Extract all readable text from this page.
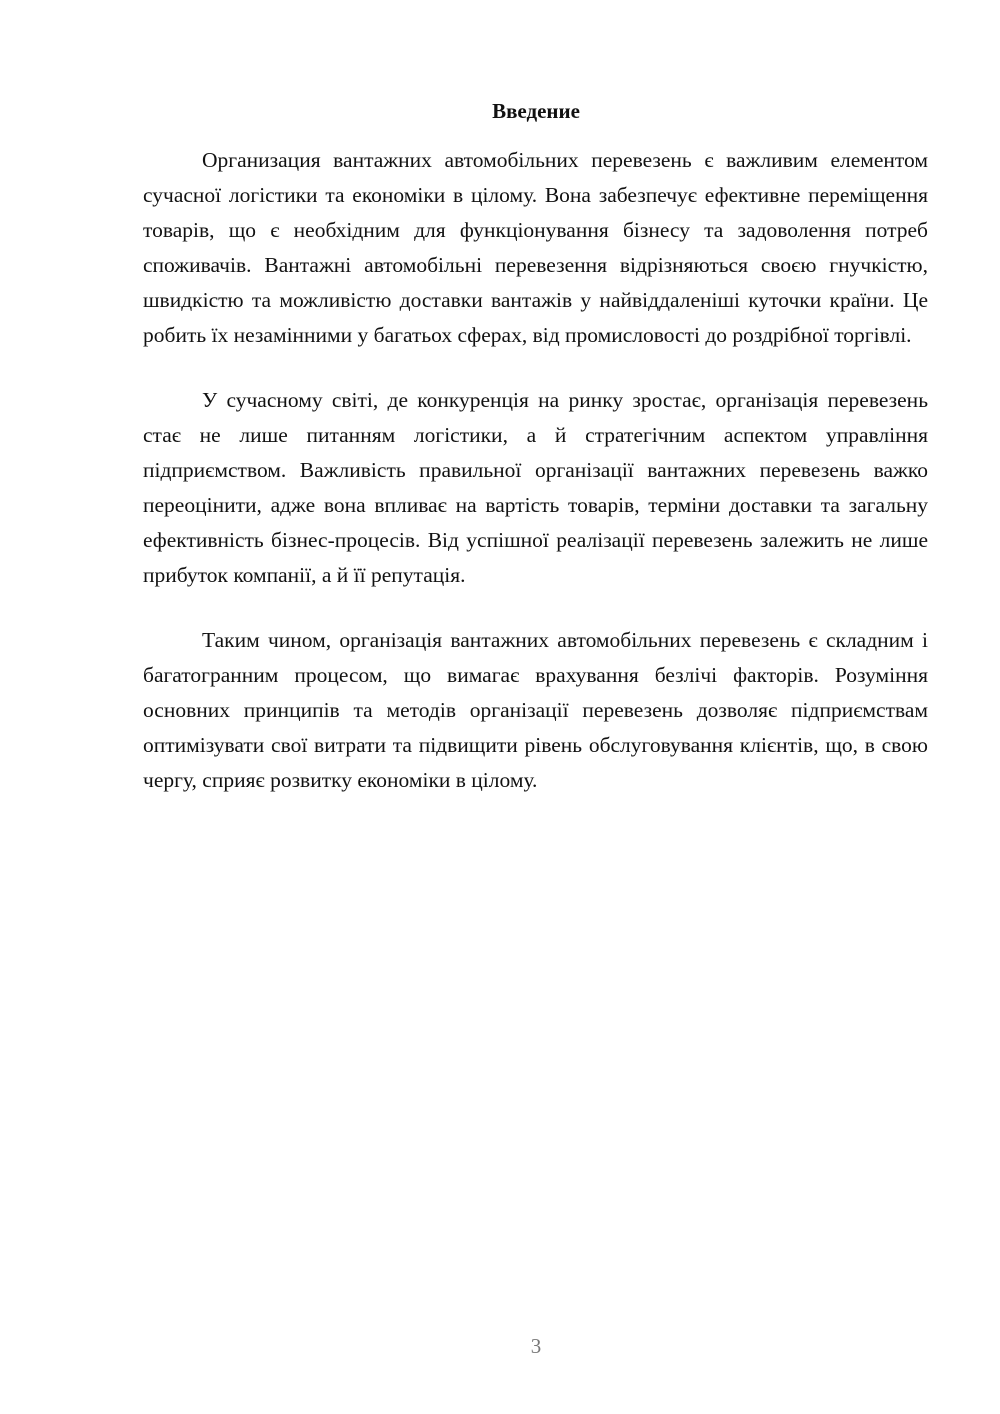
Введение

Организация вантажних автомобільних перевезень є важливим елементом сучасної логістики та економіки в цілому. Вона забезпечує ефективне переміщення товарів, що є необхідним для функціонування бізнесу та задоволення потреб споживачів. Вантажні автомобільні перевезення відрізняються своєю гнучкістю, швидкістю та можливістю доставки вантажів у найвіддаленіші куточки країни. Це робить їх незамінними у багатьох сферах, від промисловості до роздрібної торгівлі.

У сучасному світі, де конкуренція на ринку зростає, організація перевезень стає не лише питанням логістики, а й стратегічним аспектом управління підприємством. Важливість правильної організації вантажних перевезень важко переоцінити, адже вона впливає на вартість товарів, терміни доставки та загальну ефективність бізнес-процесів. Від успішної реалізації перевезень залежить не лише прибуток компанії, а й її репутація.

Таким чином, організація вантажних автомобільних перевезень є складним і багатогранним процесом, що вимагає врахування безлічі факторів. Розуміння основних принципів та методів організації перевезень дозволяє підприємствам оптимізувати свої витрати та підвищити рівень обслуговування клієнтів, що, в свою чергу, сприяє розвитку економіки в цілому.

3
